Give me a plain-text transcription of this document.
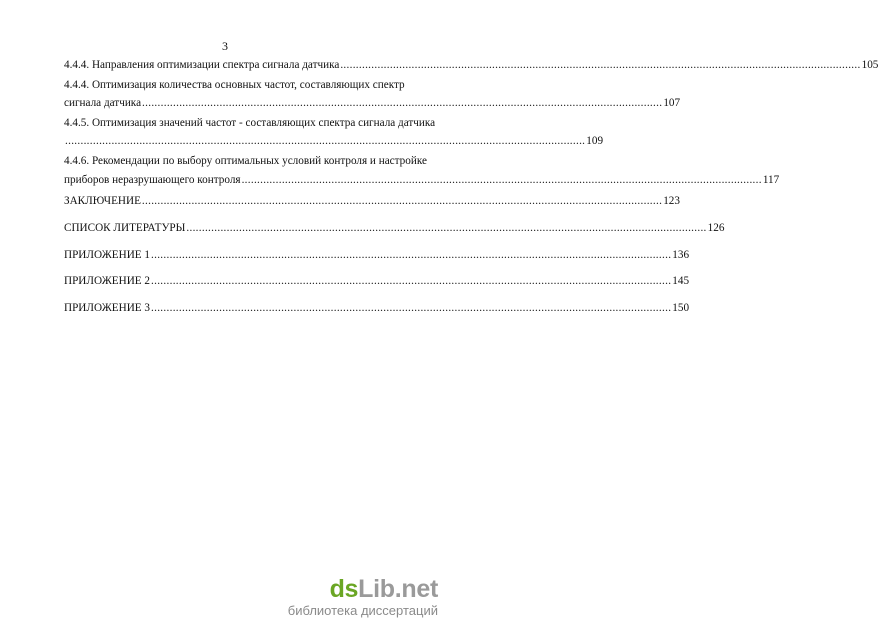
3
4.4.4. Направления оптимизации спектра сигнала датчика ........................................................................................................................................................................ 105
4.4.4. Оптимизация количества основных частот, составляющих спектр
сигнала датчика ........................................................................................................................................................................ 107
4.4.5. Оптимизация значений частот - составляющих спектра сигнала датчика
........................................................................................................................................................................ 109
4.4.6. Рекомендации по выбору оптимальных условий контроля и настройке
приборов неразрушающего контроля ........................................................................................................................................................................ 117
ЗАКЛЮЧЕНИЕ ........................................................................................................................................................................ 123
СПИСОК ЛИТЕРАТУРЫ ........................................................................................................................................................................ 126
ПРИЛОЖЕНИЕ 1 ........................................................................................................................................................................ 136
ПРИЛОЖЕНИЕ 2 ........................................................................................................................................................................ 145
ПРИЛОЖЕНИЕ 3 ........................................................................................................................................................................ 150
dsLib.net
библиотека диссертаций
